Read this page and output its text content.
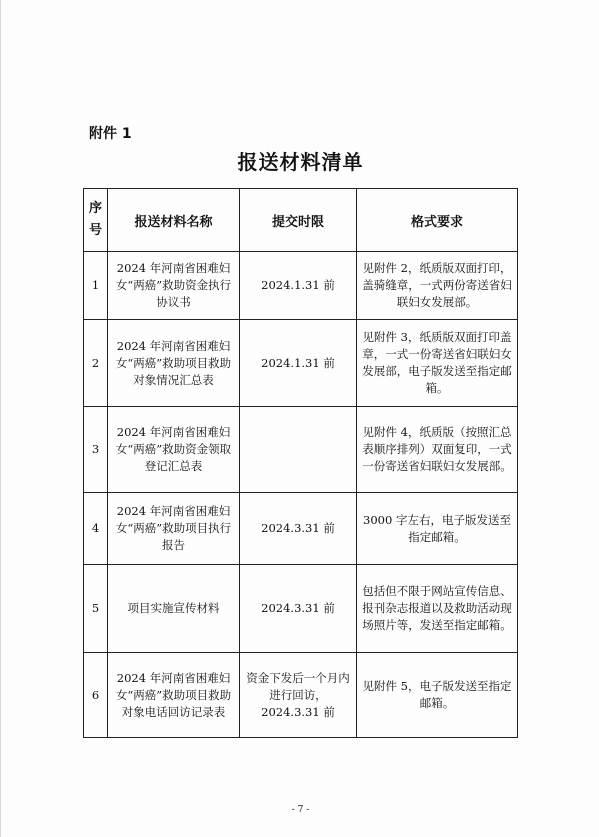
附件 1
报送材料清单
序号	报送材料名称	提交时限	格式要求
1	2024 年河南省困难妇女“两癌”救助资金执行协议书	2024.1.31 前	见附件 2，纸质版双面打印，盖骑缝章，一式两份寄送省妇联妇女发展部。
2	2024 年河南省困难妇女“两癌”救助项目救助对象情况汇总表	2024.1.31 前	见附件 3，纸质版双面打印盖章，一式一份寄送省妇联妇女发展部，电子版发送至指定邮箱。
3	2024 年河南省困难妇女“两癌”救助资金领取登记汇总表		见附件 4，纸质版（按照汇总表顺序排列）双面复印，一式一份寄送省妇联妇女发展部。
4	2024 年河南省困难妇女“两癌”救助项目执行报告	2024.3.31 前	3000 字左右，电子版发送至指定邮箱。
5	项目实施宣传材料	2024.3.31 前	包括但不限于网站宣传信息、报刊杂志报道以及救助活动现场照片等，发送至指定邮箱。
6	2024 年河南省困难妇女“两癌”救助项目救助对象电话回访记录表	资金下发后一个月内进行回访，2024.3.31 前	见附件 5，电子版发送至指定邮箱。
- 7 -
